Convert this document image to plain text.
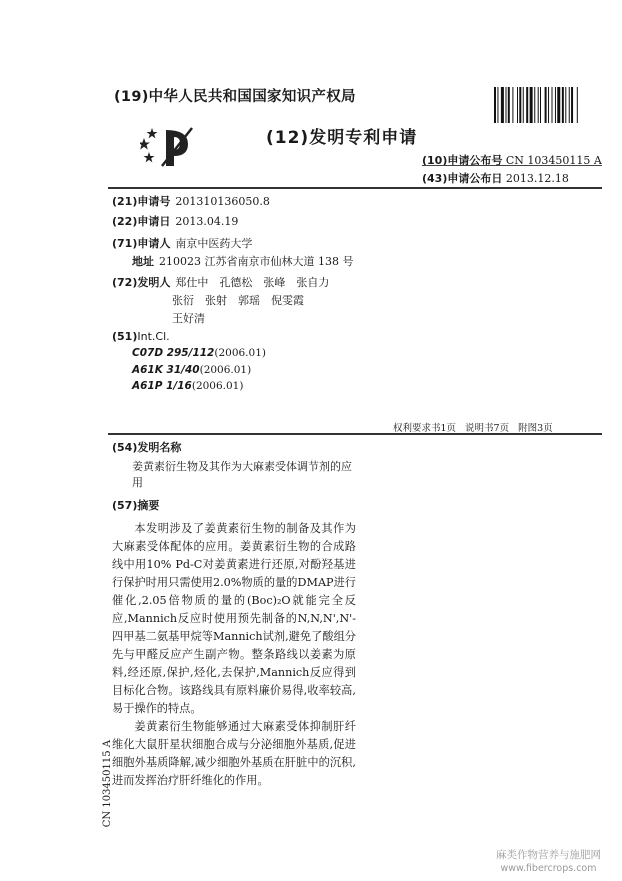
(19)中华人民共和国国家知识产权局
(12)发明专利申请
(10)申请公布号 CN 103450115 A
(43)申请公布日 2013.12.18
(21)申请号 201310136050.8
(22)申请日 2013.04.19
(71)申请人 南京中医药大学
地址 210023 江苏省南京市仙林大道 138 号
(72)发明人 郑仕中　孔德松　张峰　张自力
张衍　张射　郭瑶　倪雯霞
王好清
(51)Int.Cl.
C07D 295/112(2006.01)
A61K 31/40(2006.01)
A61P 1/16(2006.01)
权利要求书1页 说明书7页 附图3页
(54)发明名称
姜黄素衍生物及其作为大麻素受体调节剂的应用
(57)摘要

本发明涉及了姜黄素衍生物的制备及其作为大麻素受体配体的应用。姜黄素衍生物的合成路线中用10% Pd-C对姜黄素进行还原,对酚羟基进行保护时用只需使用2.0%物质的量的DMAP进行催化,2.05倍物质的量的(Boc)₂O就能完全反应,Mannich反应时使用预先制备的N,N,N',N'-四甲基二氨基甲烷等Mannich试剂,避免了酸组分先与甲醛反应产生副产物。整条路线以姜素为原料,经还原,保护,烃化,去保护,Mannich反应得到目标化合物。该路线具有原料廉价易得,收率较高,易于操作的特点。

姜黄素衍生物能够通过大麻素受体抑制肝纤维化大鼠肝星状细胞合成与分泌细胞外基质,促进细胞外基质降解,减少细胞外基质在肝脏中的沉积,进而发挥治疗肝纤维化的作用。

CN 103450115 A
麻类作物营养与施肥网
www.fibercrops.com
